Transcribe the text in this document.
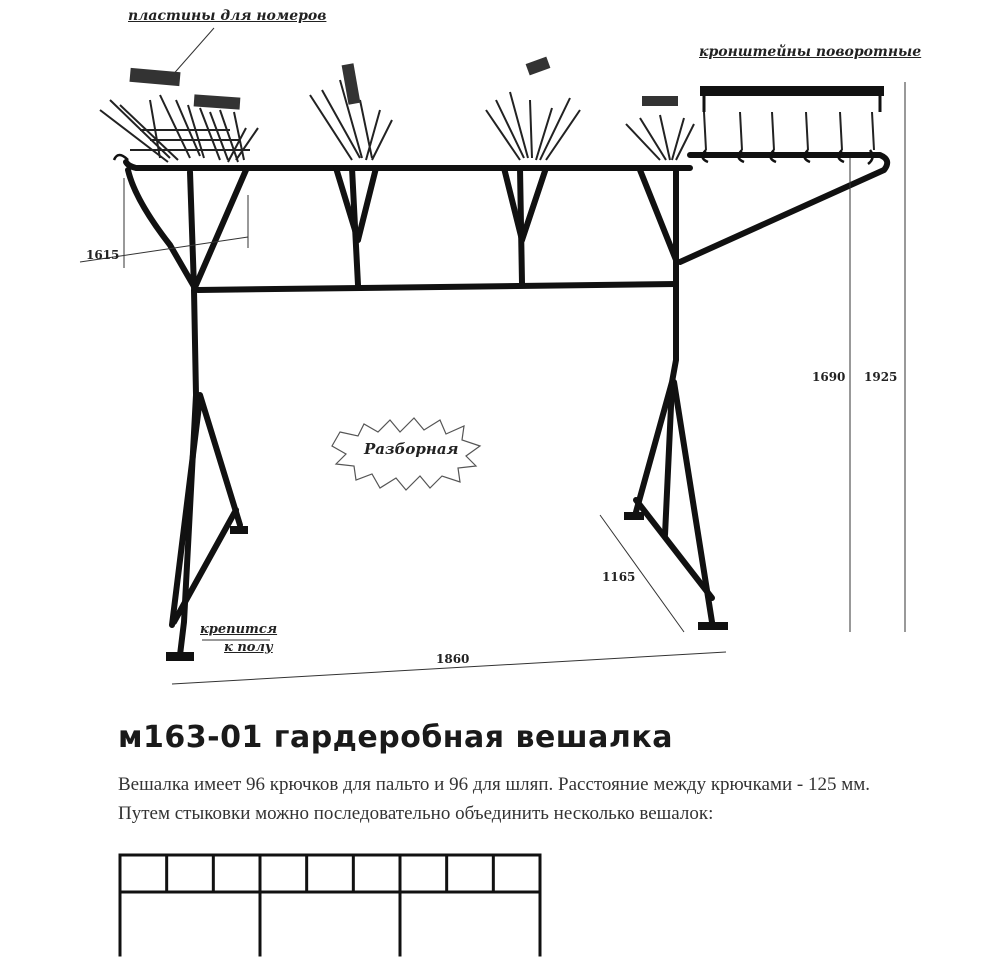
пластины для номеров
кронштейны поворотные
Разборная
крепится
к полу
1615
1690 1925
1165
1860
м163-01 гардеробная вешалка
Вешалка имеет 96 крючков для пальто и 96 для шляп. Расстояние между крючками - 125 мм.
Путем стыковки можно последовательно объединить несколько вешалок:
